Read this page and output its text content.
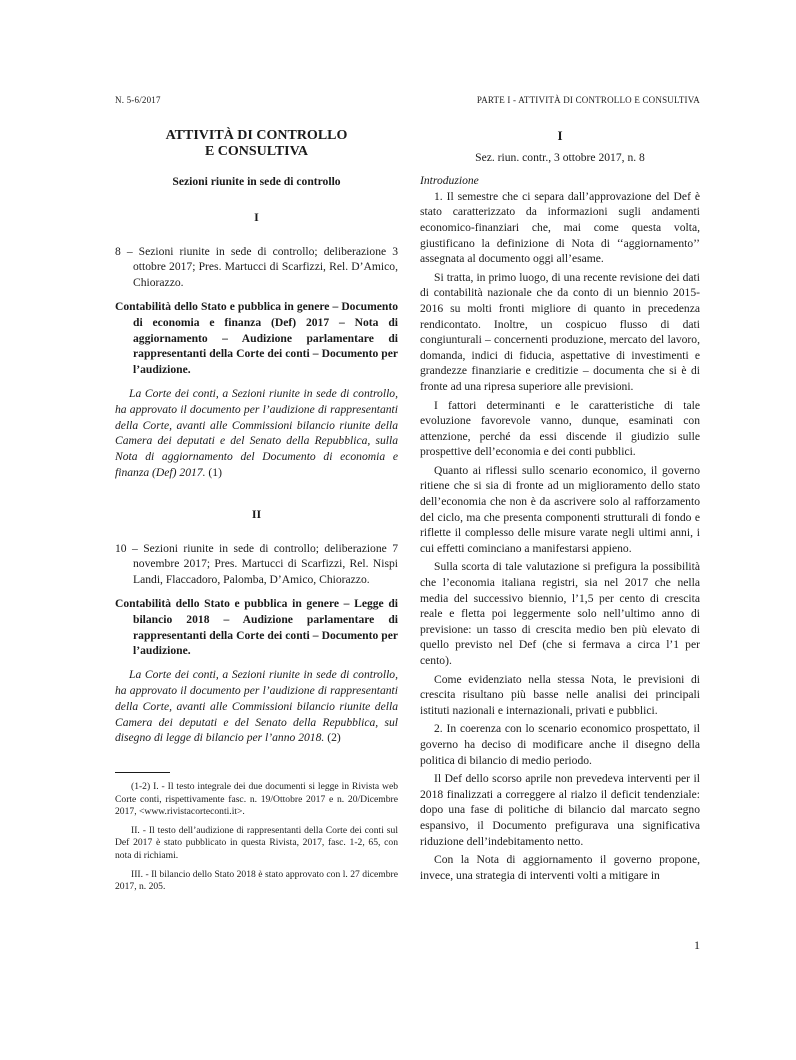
N. 5-6/2017	PARTE I - ATTIVITÀ DI CONTROLLO E CONSULTIVA
ATTIVITÀ DI CONTROLLO
E CONSULTIVA
Sezioni riunite in sede di controllo
I

8 – Sezioni riunite in sede di controllo; deliberazione 3 ottobre 2017; Pres. Martucci di Scarfizzi, Rel. D’Amico, Chiorazzo.

Contabilità dello Stato e pubblica in genere – Documento di economia e finanza (Def) 2017 – Nota di aggiornamento – Audizione parlamentare di rappresentanti della Corte dei conti – Documento per l’audizione.

La Corte dei conti, a Sezioni riunite in sede di controllo, ha approvato il documento per l’audizione di rappresentanti della Corte, avanti alle Commissioni bilancio riunite della Camera dei deputati e del Senato della Repubblica, sulla Nota di aggiornamento del Documento di economia e finanza (Def) 2017. (1)

II

10 – Sezioni riunite in sede di controllo; deliberazione 7 novembre 2017; Pres. Martucci di Scarfizzi, Rel. Nispi Landi, Flaccadoro, Palomba, D’Amico, Chiorazzo.

Contabilità dello Stato e pubblica in genere – Legge di bilancio 2018 – Audizione parlamentare di rappresentanti della Corte dei conti – Documento per l’audizione.

La Corte dei conti, a Sezioni riunite in sede di controllo, ha approvato il documento per l’audizione di rappresentanti della Corte, avanti alle Commissioni bilancio riunite della Camera dei deputati e del Senato della Repubblica, sul disegno di legge di bilancio per l’anno 2018. (2)

(1-2) I. - Il testo integrale dei due documenti si legge in Rivista web Corte conti, rispettivamente fasc. n. 19/Ottobre 2017 e n. 20/Dicembre 2017, <www.rivistacorteconti.it>.

II. - Il testo dell’audizione di rappresentanti della Corte dei conti sul Def 2017 è stato pubblicato in questa Rivista, 2017, fasc. 1-2, 65, con nota di richiami.

III. - Il bilancio dello Stato 2018 è stato approvato con l. 27 dicembre 2017, n. 205.

I
Sez. riun. contr., 3 ottobre 2017, n. 8

Introduzione

1. Il semestre che ci separa dall’approvazione del Def è stato caratterizzato da informazioni sugli andamenti economico-finanziari che, mai come questa volta, giustificano la definizione di Nota di ‘‘aggiornamento’’ assegnata al documento oggi all’esame.

Si tratta, in primo luogo, di una recente revisione dei dati di contabilità nazionale che da conto di un biennio 2015-2016 su molti fronti migliore di quanto in precedenza rendicontato. Inoltre, un cospicuo flusso di dati congiunturali – concernenti produzione, mercato del lavoro, domanda, indici di fiducia, aspettative di investimenti e grandezze finanziarie e creditizie – documenta che si è di fronte ad una ripresa superiore alle previsioni.

I fattori determinanti e le caratteristiche di tale evoluzione favorevole vanno, dunque, esaminati con attenzione, perché da essi discende il giudizio sulle prospettive dell’economia e dei conti pubblici.

Quanto ai riflessi sullo scenario economico, il governo ritiene che si sia di fronte ad un miglioramento dello stato dell’economia che non è da ascrivere solo al rafforzamento del ciclo, ma che presenta componenti strutturali di fondo e riflette il complesso delle misure varate negli ultimi anni, i cui effetti cominciano a manifestarsi appieno.

Sulla scorta di tale valutazione si prefigura la possibilità che l’economia italiana registri, sia nel 2017 che nella media del successivo biennio, l’1,5 per cento di crescita reale e fletta poi leggermente solo nell’ultimo anno di previsione: un tasso di crescita medio ben più elevato di quello previsto nel Def (che si fermava a circa l’1 per cento).

Come evidenziato nella stessa Nota, le previsioni di crescita risultano più basse nelle analisi dei principali istituti nazionali e internazionali, privati e pubblici.

2. In coerenza con lo scenario economico prospettato, il governo ha deciso di modificare anche il disegno della politica di bilancio di medio periodo.

Il Def dello scorso aprile non prevedeva interventi per il 2018 finalizzati a correggere al rialzo il deficit tendenziale: dopo una fase di politiche di bilancio dal marcato segno espansivo, il Documento prefigurava una significativa riduzione dell’indebitamento netto.

Con la Nota di aggiornamento il governo propone, invece, una strategia di interventi volti a mitigare in

1
